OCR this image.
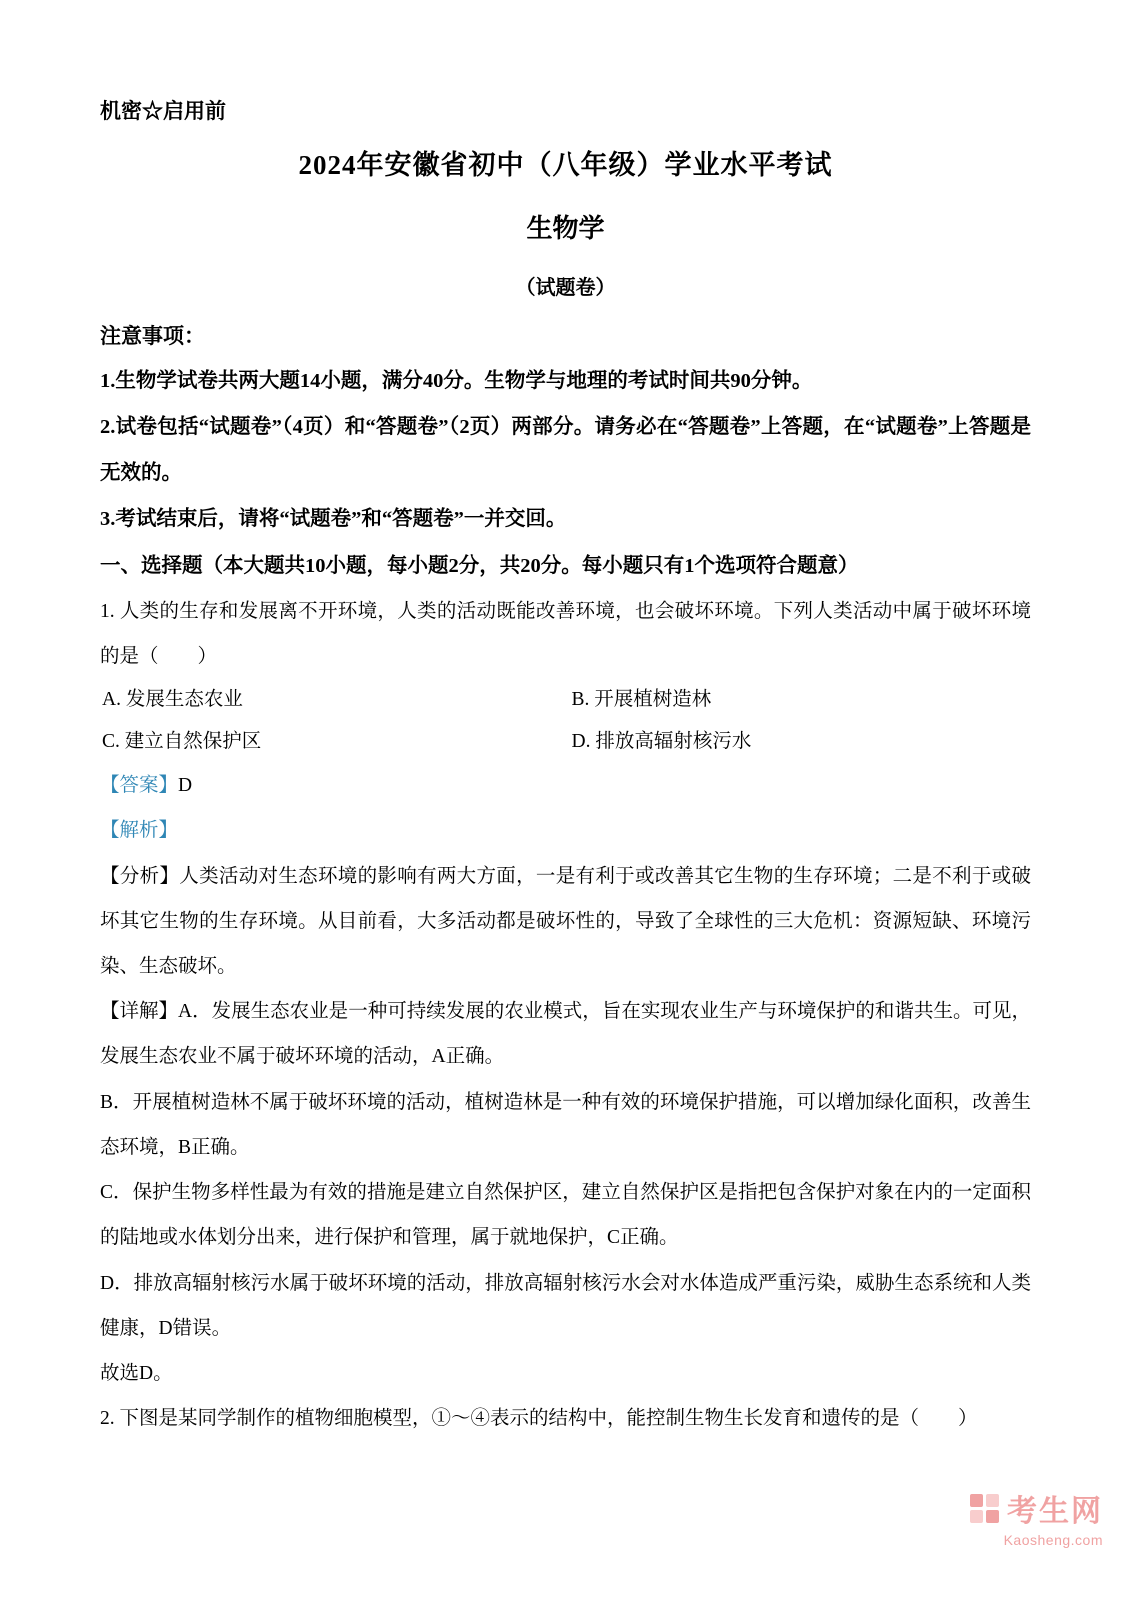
机密☆启用前
2024年安徽省初中（八年级）学业水平考试
生物学
（试题卷）
注意事项：

1.生物学试卷共两大题14小题，满分40分。生物学与地理的考试时间共90分钟。

2.试卷包括“试题卷”（4页）和“答题卷”（2页）两部分。请务必在“答题卷”上答题，在“试题卷”上答题是无效的。

3.考试结束后，请将“试题卷”和“答题卷”一并交回。

一、选择题（本大题共10小题，每小题2分，共20分。每小题只有1个选项符合题意）

1. 人类的生存和发展离不开环境，人类的活动既能改善环境，也会破坏环境。下列人类活动中属于破坏环境的是（　　）

A. 发展生态农业	B. 开展植树造林
C. 建立自然保护区	D. 排放高辐射核污水

【答案】D

【解析】

【分析】人类活动对生态环境的影响有两大方面，一是有利于或改善其它生物的生存环境；二是不利于或破坏其它生物的生存环境。从目前看，大多活动都是破坏性的，导致了全球性的三大危机：资源短缺、环境污染、生态破坏。

【详解】A．发展生态农业是一种可持续发展的农业模式，旨在实现农业生产与环境保护的和谐共生。可见，发展生态农业不属于破坏环境的活动，A正确。

B．开展植树造林不属于破坏环境的活动，植树造林是一种有效的环境保护措施，可以增加绿化面积，改善生态环境，B正确。

C．保护生物多样性最为有效的措施是建立自然保护区，建立自然保护区是指把包含保护对象在内的一定面积的陆地或水体划分出来，进行保护和管理，属于就地保护，C正确。

D．排放高辐射核污水属于破坏环境的活动，排放高辐射核污水会对水体造成严重污染，威胁生态系统和人类健康，D错误。

故选D。

2. 下图是某同学制作的植物细胞模型，①～④表示的结构中，能控制生物生长发育和遗传的是（　　）

考生网
Kaosheng.com
